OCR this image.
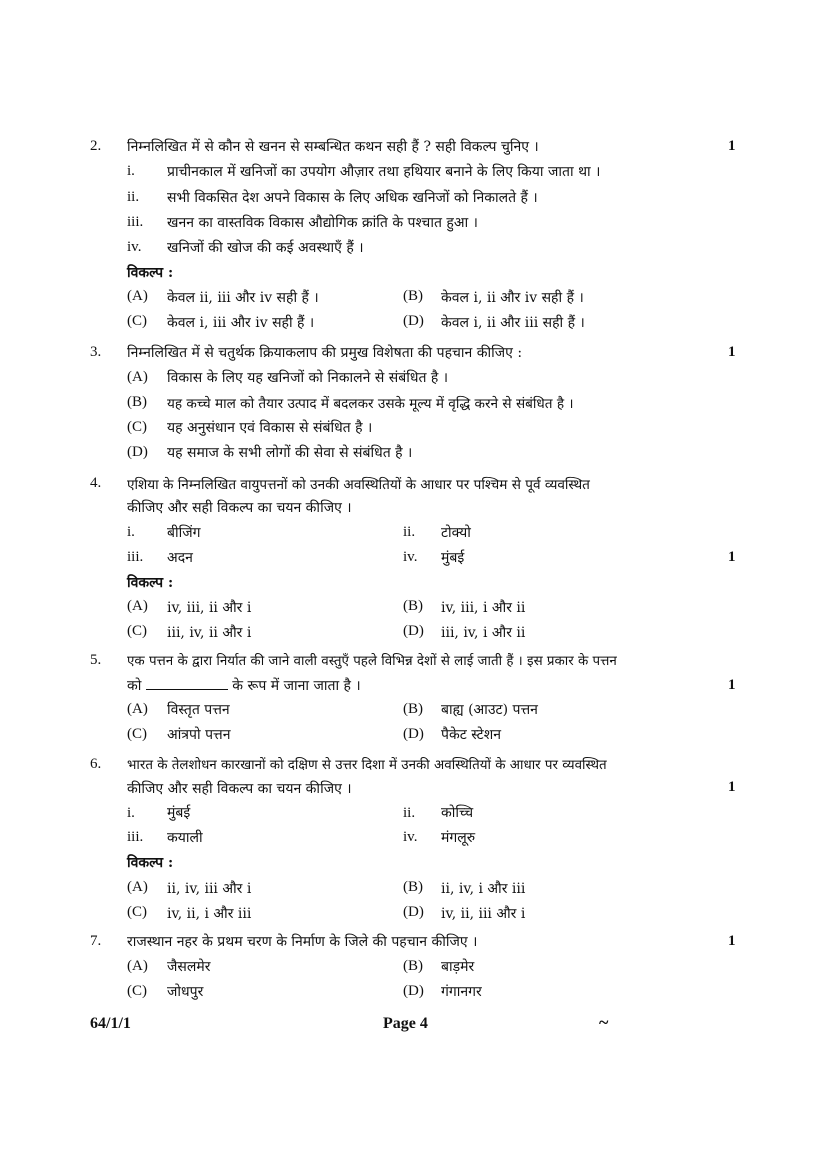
2. निम्नलिखित में से कौन से खनन से सम्बन्धित कथन सही हैं ? सही विकल्प चुनिए ।	1
i. प्राचीनकाल में खनिजों का उपयोग औज़ार तथा हथियार बनाने के लिए किया जाता था ।
ii. सभी विकसित देश अपने विकास के लिए अधिक खनिजों को निकालते हैं ।
iii. खनन का वास्तविक विकास औद्योगिक क्रांति के पश्चात हुआ ।
iv. खनिजों की खोज की कई अवस्थाएँ हैं ।
विकल्प :
(A) केवल ii, iii और iv सही हैं ।	(B) केवल i, ii और iv सही हैं ।
(C) केवल i, iii और iv सही हैं ।	(D) केवल i, ii और iii सही हैं ।
3. निम्नलिखित में से चतुर्थक क्रियाकलाप की प्रमुख विशेषता की पहचान कीजिए :	1
(A) विकास के लिए यह खनिजों को निकालने से संबंधित है ।
(B) यह कच्चे माल को तैयार उत्पाद में बदलकर उसके मूल्य में वृद्धि करने से संबंधित है ।
(C) यह अनुसंधान एवं विकास से संबंधित है ।
(D) यह समाज के सभी लोगों की सेवा से संबंधित है ।
4. एशिया के निम्नलिखित वायुपत्तनों को उनकी अवस्थितियों के आधार पर पश्चिम से पूर्व व्यवस्थित
कीजिए और सही विकल्प का चयन कीजिए ।
i. बीजिंग	ii. टोक्यो
iii. अदन	iv. मुंबई	1
विकल्प :
(A) iv, iii, ii और i	(B) iv, iii, i और ii
(C) iii, iv, ii और i	(D) iii, iv, i और ii
5. एक पत्तन के द्वारा निर्यात की जाने वाली वस्तुएँ पहले विभिन्न देशों से लाई जाती हैं । इस प्रकार के पत्तन
को	के रूप में जाना जाता है ।	1
(A) विस्तृत पत्तन	(B) बाह्य (आउट) पत्तन
(C) आंत्रपो पत्तन	(D) पैकेट स्टेशन
6. भारत के तेलशोधन कारखानों को दक्षिण से उत्तर दिशा में उनकी अवस्थितियों के आधार पर व्यवस्थित
कीजिए और सही विकल्प का चयन कीजिए ।	1
i. मुंबई	ii. कोच्चि
iii. कयाली	iv. मंगलूरु
विकल्प :
(A) ii, iv, iii और i	(B) ii, iv, i और iii
(C) iv, ii, i और iii	(D) iv, ii, iii और i
7. राजस्थान नहर के प्रथम चरण के निर्माण के जिले की पहचान कीजिए ।	1
(A) जैसलमेर	(B) बाड़मेर
(C) जोधपुर	(D) गंगानगर
64/1/1	Page 4	~
